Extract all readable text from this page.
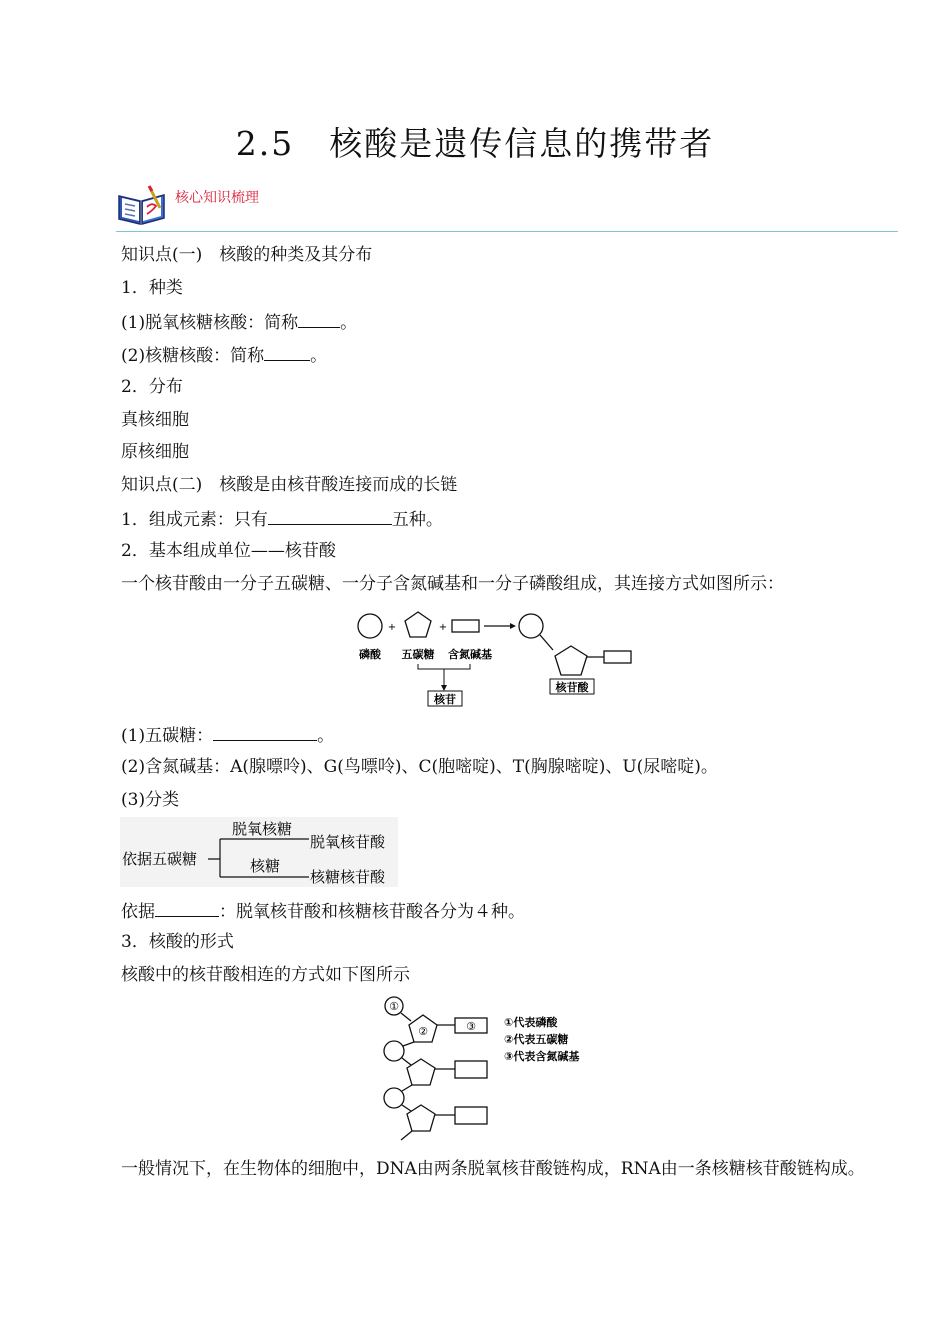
2.5　核酸是遗传信息的携带者
核心知识梳理
知识点(一)　核酸的种类及其分布
1．种类
(1)脱氧核糖核酸：简称 。
(2)核糖核酸：简称	。
2．分布
真核细胞
原核细胞
知识点(二)　核酸是由核苷酸连接而成的长链
1．组成元素：只有	五种。
2．基本组成单位——核苷酸
一个核苷酸由一分子五碳糖、一分子含氮碱基和一分子磷酸组成，其连接方式如图所示：
+	+
磷酸 五碳糖 含氮碱基
核苷
核苷酸
(1)五碳糖：	。
(2)含氮碱基：A(腺嘌呤)、G(鸟嘌呤)、C(胞嘧啶)、T(胸腺嘧啶)、U(尿嘧啶)。
(3)分类
依据五碳糖
脱氧核糖
脱氧核苷酸
核糖
核糖核苷酸
依据	：脱氧核苷酸和核糖核苷酸各分为４种。
3．核酸的形式
核酸中的核苷酸相连的方式如下图所示
①
②	③	①代表磷酸
②代表五碳糖
③代表含氮碱基
一般情况下，在生物体的细胞中，DNA由两条脱氧核苷酸链构成，RNA由一条核糖核苷酸链构成。
